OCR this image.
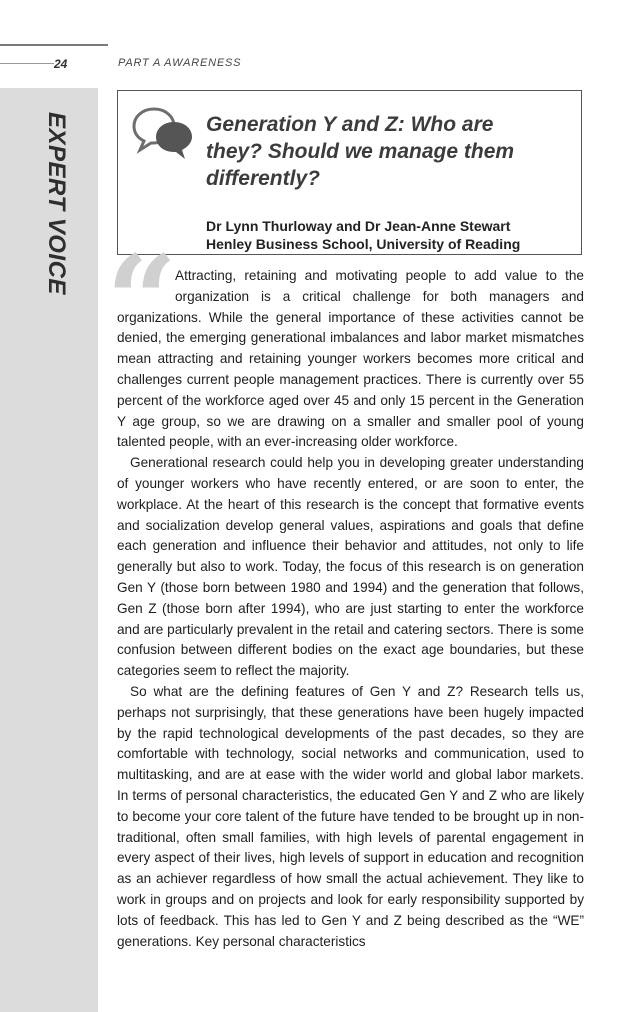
EXPERT VOICE
24	PART A AWARENESS
Generation Y and Z: Who are
they? Should we manage them
differently?
Dr Lynn Thurloway and Dr Jean-Anne Stewart
Henley Business School, University of Reading
“

Attracting, retaining and motivating people to add value to the organization is a critical challenge for both managers and organizations. While the general importance of these activities cannot be denied, the emerging generational imbalances and labor market mismatches mean attracting and retaining younger workers becomes more critical and challenges current people management practices. There is currently over 55 percent of the workforce aged over 45 and only 15 percent in the Generation Y age group, so we are drawing on a smaller and smaller pool of young talented people, with an ever-increasing older workforce.

Generational research could help you in developing greater understanding of younger workers who have recently entered, or are soon to enter, the workplace. At the heart of this research is the concept that formative events and socialization develop general values, aspirations and goals that define each generation and influence their behavior and attitudes, not only to life generally but also to work. Today, the focus of this research is on generation Gen Y (those born between 1980 and 1994) and the generation that follows, Gen Z (those born after 1994), who are just starting to enter the workforce and are particularly prevalent in the retail and catering sectors. There is some confusion between different bodies on the exact age boundaries, but these categories seem to reflect the majority.

So what are the defining features of Gen Y and Z? Research tells us, perhaps not surprisingly, that these generations have been hugely impacted by the rapid technological developments of the past decades, so they are comfortable with technology, social networks and communication, used to multitasking, and are at ease with the wider world and global labor markets. In terms of personal characteristics, the educated Gen Y and Z who are likely to become your core talent of the future have tended to be brought up in non-traditional, often small families, with high levels of parental engagement in every aspect of their lives, high levels of support in education and recognition as an achiever regardless of how small the actual achievement. They like to work in groups and on projects and look for early responsibility supported by lots of feedback. This has led to Gen Y and Z being described as the “WE” generations. Key personal characteristics
